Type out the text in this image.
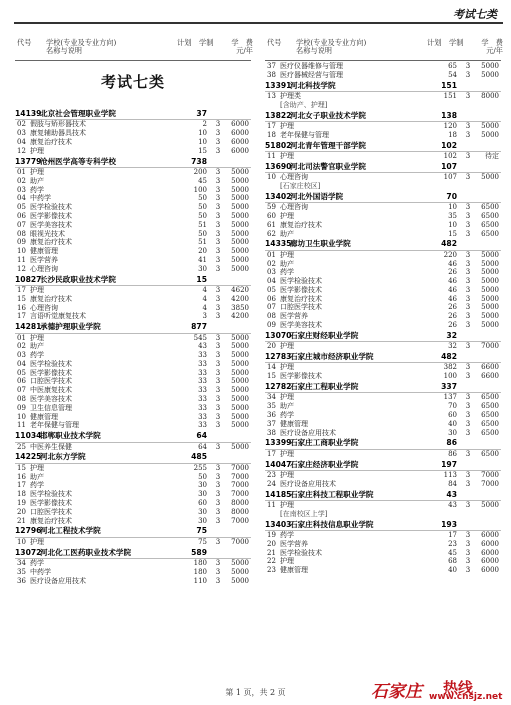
考试七类
代号 学校(专业及专业方向)
名称与说明
计划 学制	学　费
元/年
考试七类
14139
北京社会管理职业学院	37
02 假肢与矫形器技术	2	3	6000
03 康复辅助器具技术	10	3	6000
04 康复治疗技术	10	3	6000
12 护理	15	3	6000
13779
沧州医学高等专科学校	738
01 护理	200	3	5000
02 助产	45	3	5000
03 药学	100	3	5000
04 中药学	50	3	5000
05 医学检验技术	50	3	5000
06 医学影像技术	50	3	5000
07 医学美容技术	51	3	5000
08 眼视光技术	50	3	5000
09 康复治疗技术	51	3	5000
10 健康管理	20	3	5000
11 医学营养	41	3	5000
12 心理咨询	30	3	5000
10827
长沙民政职业技术学院	15
17 护理	4	3	4620
15 康复治疗技术	4	3	4200
16 心理咨询	4	3	3850
17 言语听觉康复技术	3	3	4200
14281
承德护理职业学院	877
01 护理	545	3	5000
02 助产	43	3	5000
03 药学	33	3	5000
04 医学检验技术	33	3	5000
05 医学影像技术	33	3	5000
06 口腔医学技术	33	3	5000
07 中医康复技术	33	3	5000
08 医学美容技术	33	3	5000
09 卫生信息管理	33	3	5000
10 健康管理	33	3	5000
11 老年保健与管理	33	3	5000
11034
邯郸职业技术学院	64
25 中医养生保健	64	3	5000
14225
河北东方学院	485
15 护理	255	3	7000
16 助产	50	3	7000
17 药学	30	3	7000
18 医学检验技术	30	3	7000
19 医学影像技术	60	3	8000
20 口腔医学技术	30	3	8000
21 康复治疗技术	30	3	7000
12796
河北工程技术学院	75
10 护理	75	3	7000
13072
河北化工医药职业技术学院	589
34 药学	180	3	5000
35 中药学	180	3	5000
36 医疗设备应用技术	110	3	5000
代号 学校(专业及专业方向)
名称与说明
计划 学制	学　费
元/年
37 医疗仪器维修与管理	65	3	5000
38 医疗器械经营与管理	54	3	5000
13391
河北科技学院	151
13 护理类	151	3	8000
[含助产、护理]
13822
河北女子职业技术学院	138
17 护理	120	3	5000
18 老年保健与管理	18	3	5000
51802
河北青年管理干部学院	102
11 护理	102	3	待定
13690
河北司法警官职业学院	107
10 心理咨询	107	3	5000
[石家庄校区]
13402
河北外国语学院	70
59 心理咨询	10	3	6500
60 护理	35	3	6500
61 康复治疗技术	10	3	6500
62 助产	15	3	6500
14335
廊坊卫生职业学院	482
01 护理	220	3	5000
02 助产	46	3	5000
03 药学	26	3	5000
04 医学检验技术	46	3	5000
05 医学影像技术	46	3	5000
06 康复治疗技术	46	3	5000
07 口腔医学技术	26	3	5000
08 医学营养	26	3	5000
09 医学美容技术	26	3	5000
13070
石家庄财经职业学院	32
20 护理	32	3	7000
12783
石家庄城市经济职业学院	482
14 护理	382	3	6600
15 医学影像技术	100	3	6600
12782
石家庄工程职业学院	337
34 护理	137	3	6500
35 助产	70	3	6500
36 药学	60	3	6500
37 健康管理	40	3	6500
38 医疗设备应用技术	30	3	6500
13399
石家庄工商职业学院	86
17 护理	86	3	6500
14047
石家庄经济职业学院	197
23 护理	113	3	7000
24 医疗设备应用技术	84	3	7000
14185
石家庄科技工程职业学院	43
11 护理	43	3	5000
[在南校区上学]
13403
石家庄科技信息职业学院	193
19 药学	17	3	6000
20 医学营养	23	3	6000
21 医学检验技术	45	3	6000
22 护理	68	3	6000
23 健康管理	40	3	6000
第 1 页，共 2 页	石家庄 热线
www.cnsjz.net
